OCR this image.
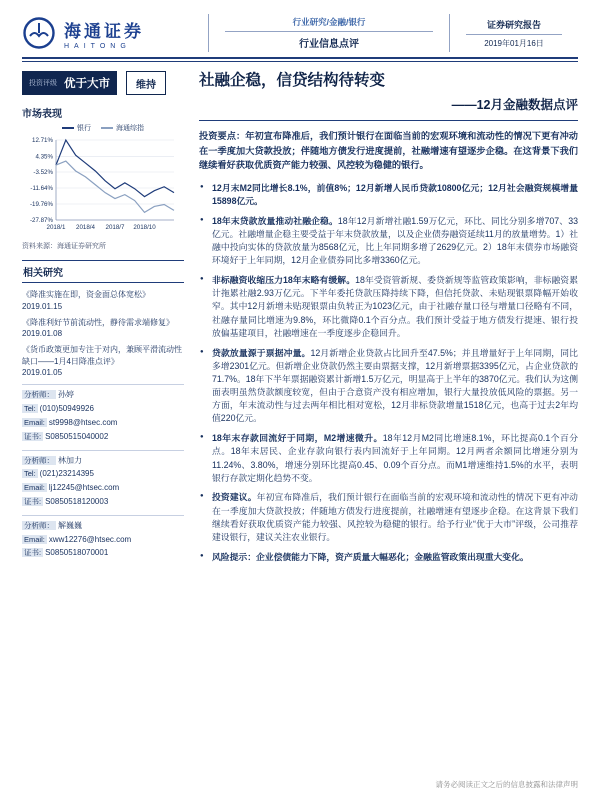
海通证券
HAITONG
行业研究/金融/银行
行业信息点评
证券研究报告
2019年01月16日
投资评级 优于大市	维持
市场表现
银行	海通综指
12.71%
4.35%
-3.52%
-11.64%
-19.76%
-27.87%
2018/1 2018/4 2018/7 2018/10
资料来源：海通证券研究所
相关研究
《降准实施在即，资金面总体宽松》
2019.01.15
《降准利好节前流动性，静待需求端修复》
2019.01.08
《货币政策更加专注于对内，兼顾平滑流动性缺口——1月4日降准点评》
2019.01.05
分析师： 孙婷
Tel: (010)50949926
Email: st9998@htsec.com
证书: S0850515040002
分析师： 林加力
Tel: (021)23214395
Email: lj12245@htsec.com
证书: S0850518120003
分析师： 解巍巍
Email: xww12276@htsec.com
证书: S0850518070001
社融企稳，信贷结构待转变
——12月金融数据点评

投资要点：年初宣布降准后，我们预计银行在面临当前的宏观环境和流动性的情况下更有冲动在一季度加大贷款投放；伴随地方债发行进度提前，社融增速有望逐步企稳。在这背景下我们继续看好获取优质资产能力较强、风控较为稳健的银行。

● 12月末M2同比增长8.1%，前值8%；12月新增人民币贷款10800亿元；12月社会融资规模增量15898亿元。
● 18年末贷款放量推动社融企稳。18年12月新增社融1.59万亿元，环比、同比分别多增707、33亿元。社融增量企稳主要受益于年末贷款放量，以及企业债券融资延续11月的放量增势。1）社融中投向实体的贷款放量为8568亿元，比上年同期多增了2629亿元。2）18年末债券市场融资环境好于上年同期，12月企业债券同比多增3360亿元。
● 非标融资收缩压力18年末略有缓解。18年受资管新规、委贷新规等监管政策影响，非标融资累计拖累社融2.93万亿元。下半年委托贷款压降持续下降，但信托贷款、未贴现银票降幅开始收窄。其中12月新增未贴现银票由负转正为1023亿元，由于社融存量口径与增量口径略有不同，社融存量同比增速为9.8%，环比微降0.1个百分点。我们预计受益于地方债发行提速、银行投放偏基建项目，社融增速在一季度逐步企稳回升。
● 贷款放量源于票据冲量。12月新增企业贷款占比回升至47.5%；并且增量好于上年同期，同比多增2301亿元。但新增企业贷款仍然主要由票据支撑，12月新增票据3395亿元，占企业贷款的71.7%。18年下半年票据融资累计新增1.5万亿元，明显高于上半年的3870亿元。我们认为这侧面表明虽然贷款额度较宽，但由于合意资产没有相应增加，银行大量投放低风险的票据。另一方面，年末流动性与过去两年相比相对宽松，12月非标贷款增量1518亿元，也高于过去2年均值220亿元。
● 18年末存款回流好于同期，M2增速微升。18年12月M2同比增速8.1%，环比提高0.1个百分点。18年末居民、企业存款向银行表内回流好于上年同期。12月两者余额同比增速分别为11.24%、3.80%，增速分别环比提高0.45、0.09个百分点。而M1增速维持1.5%的水平，表明银行存款定期化趋势不变。
● 投资建议。年初宣布降准后，我们预计银行在面临当前的宏观环境和流动性的情况下更有冲动在一季度加大贷款投放；伴随地方债发行进度提前，社融增速有望逐步企稳。在这背景下我们继续看好获取优质资产能力较强、风控较为稳健的银行。给予行业“优于大市”评级，公司推荐建设银行，建议关注农业银行。
● 风险提示：企业偿债能力下降，资产质量大幅恶化；金融监管政策出现重大变化。
请务必阅读正文之后的信息披露和法律声明
